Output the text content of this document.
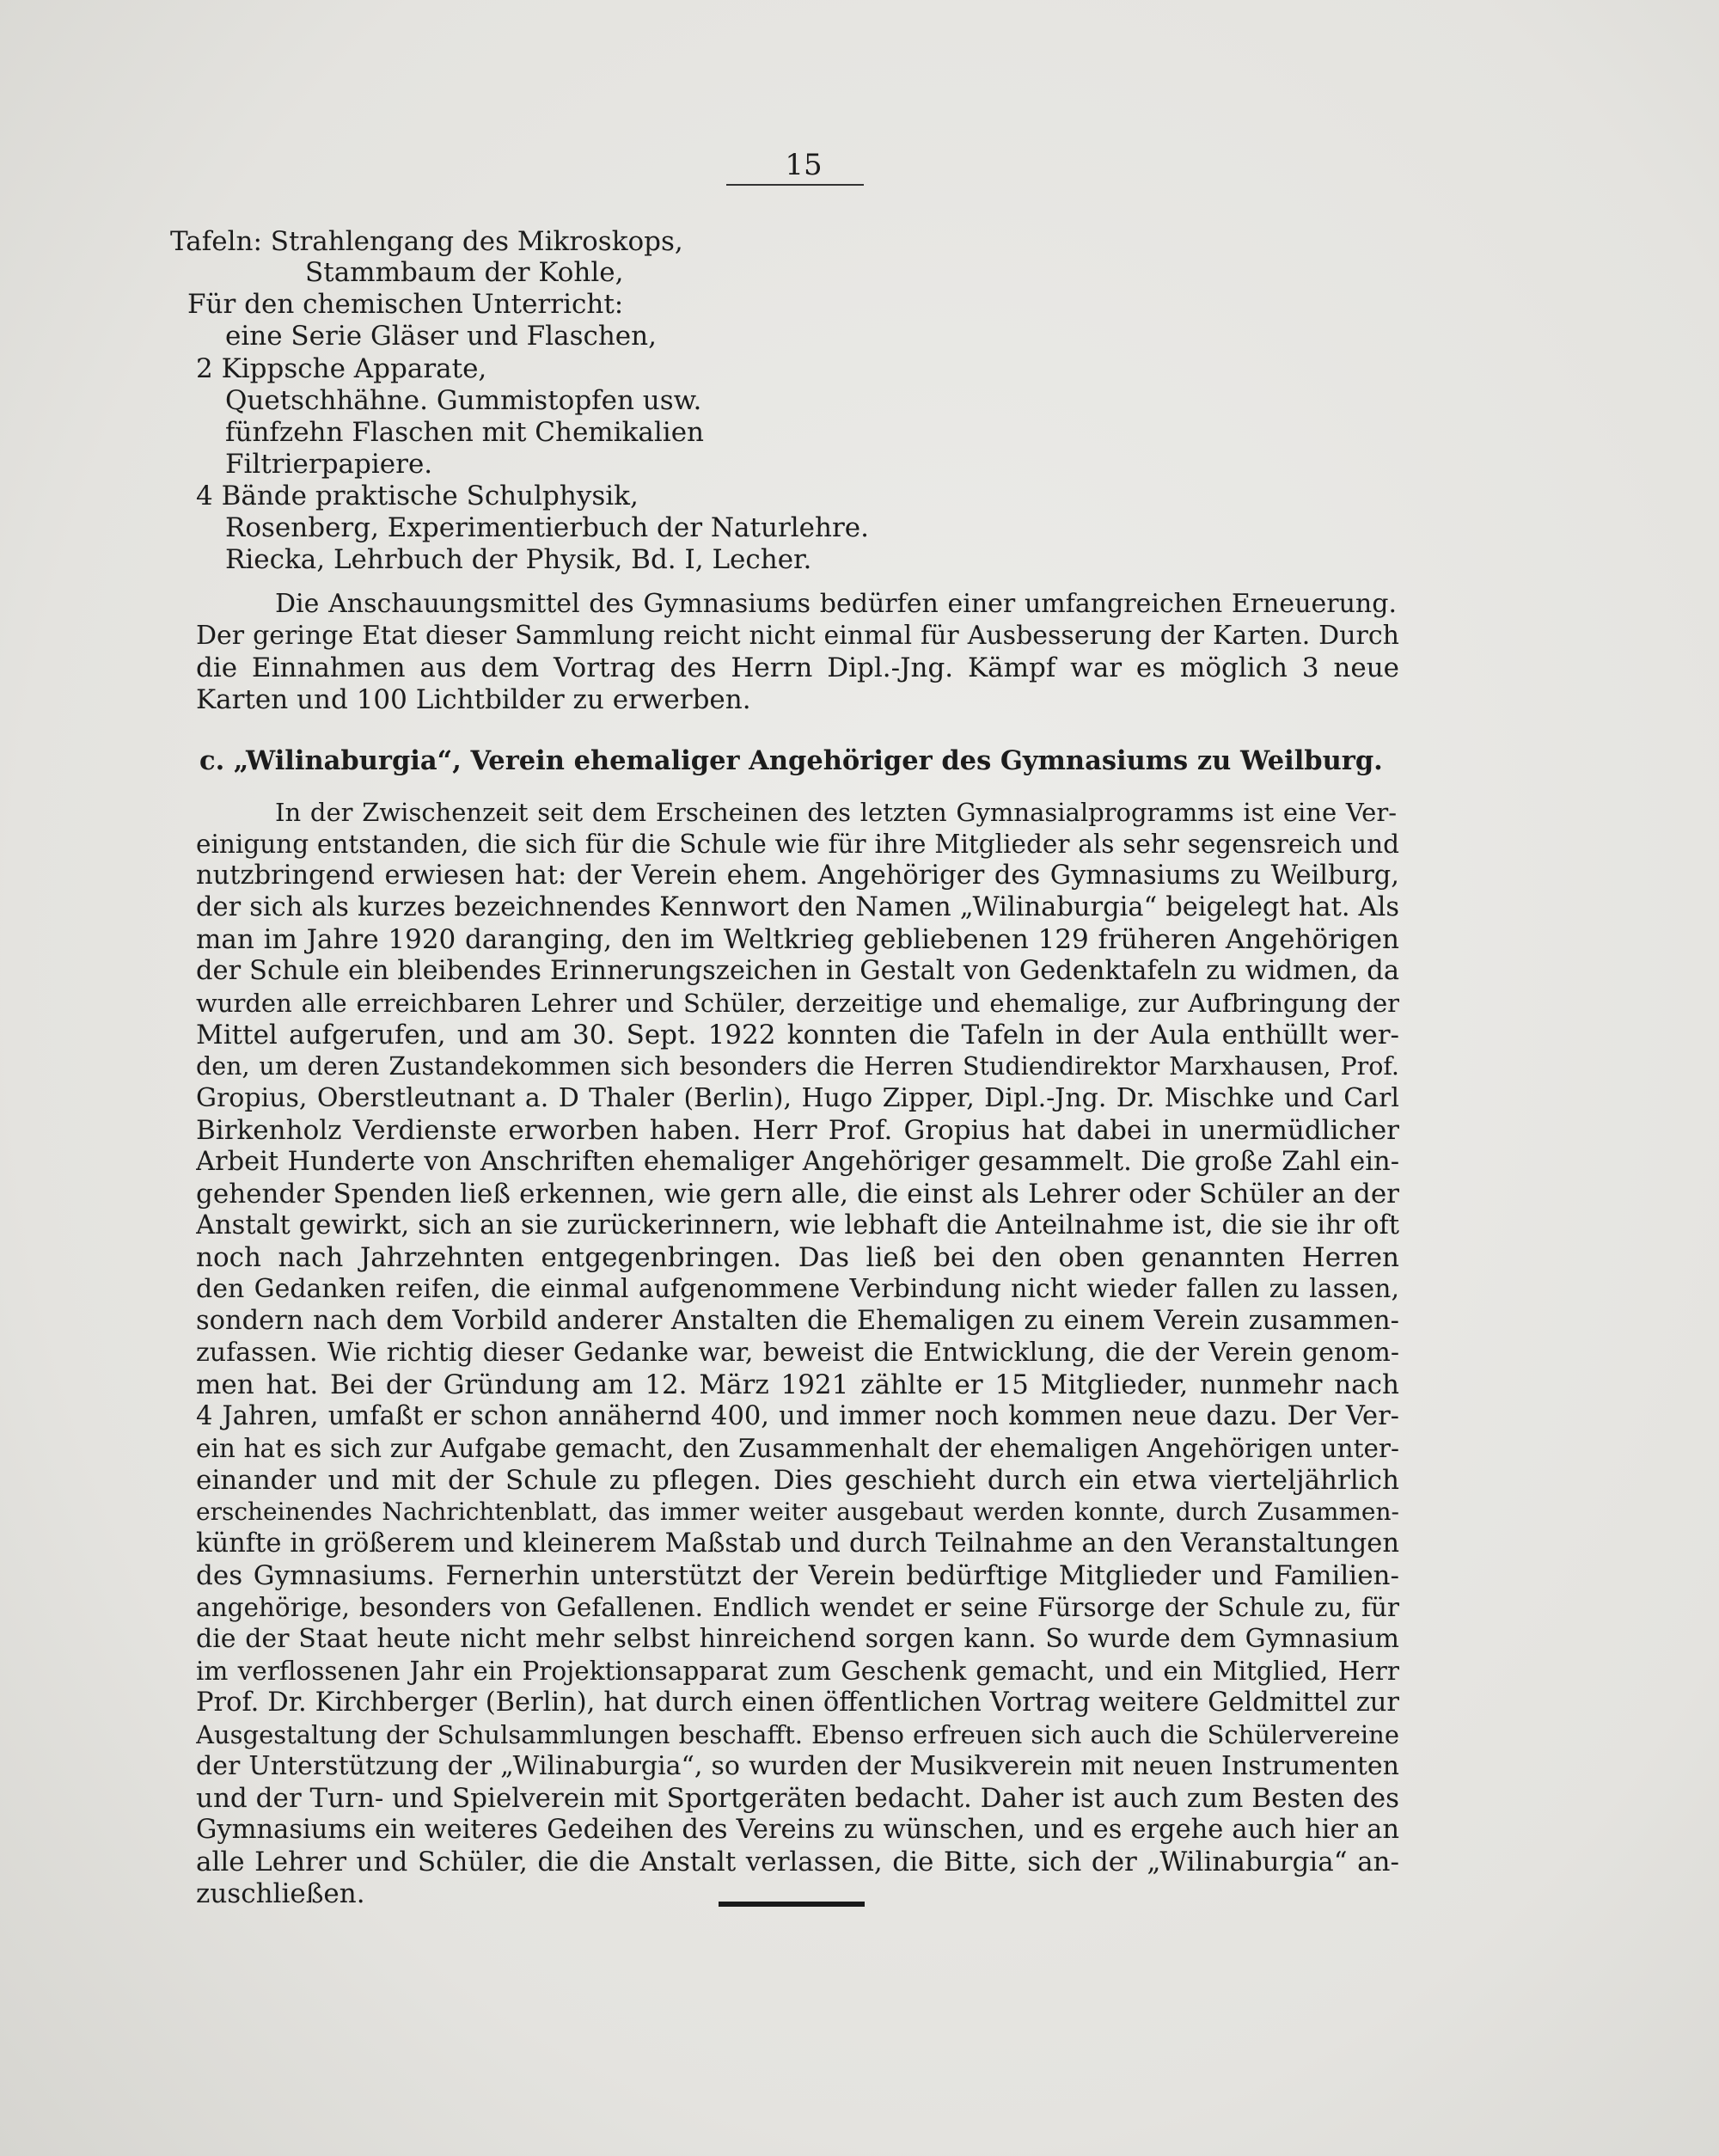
15
Tafeln: Strahlengang des Mikroskops,
Stammbaum der Kohle,
Für den chemischen Unterricht:
eine Serie Gläser und Flaschen,
2 Kippsche Apparate,
Quetschhähne. Gummistopfen usw.
fünfzehn Flaschen mit Chemikalien
Filtrierpapiere.
4 Bände praktische Schulphysik,
Rosenberg, Experimentierbuch der Naturlehre.
Riecka, Lehrbuch der Physik, Bd. I, Lecher.
Die Anschauungsmittel des Gymnasiums bedürfen einer umfangreichen Erneuerung.
Der geringe Etat dieser Sammlung reicht nicht einmal für Ausbesserung der Karten. Durch
die Einnahmen aus dem Vortrag des Herrn Dipl.-Jng. Kämpf war es möglich 3 neue
Karten und 100 Lichtbilder zu erwerben.
c. „Wilinaburgia“, Verein ehemaliger Angehöriger des Gymnasiums zu Weilburg.
In der Zwischenzeit seit dem Erscheinen des letzten Gymnasialprogramms ist eine Ver-
einigung entstanden, die sich für die Schule wie für ihre Mitglieder als sehr segensreich und
nutzbringend erwiesen hat: der Verein ehem. Angehöriger des Gymnasiums zu Weilburg,
der sich als kurzes bezeichnendes Kennwort den Namen „Wilinaburgia“ beigelegt hat. Als
man im Jahre 1920 daranging, den im Weltkrieg gebliebenen 129 früheren Angehörigen
der Schule ein bleibendes Erinnerungszeichen in Gestalt von Gedenktafeln zu widmen, da
wurden alle erreichbaren Lehrer und Schüler, derzeitige und ehemalige, zur Aufbringung der
Mittel aufgerufen, und am 30. Sept. 1922 konnten die Tafeln in der Aula enthüllt wer-
den, um deren Zustandekommen sich besonders die Herren Studiendirektor Marxhausen, Prof.
Gropius, Oberstleutnant a. D Thaler (Berlin), Hugo Zipper, Dipl.-Jng. Dr. Mischke und Carl
Birkenholz Verdienste erworben haben. Herr Prof. Gropius hat dabei in unermüdlicher
Arbeit Hunderte von Anschriften ehemaliger Angehöriger gesammelt. Die große Zahl ein-
gehender Spenden ließ erkennen, wie gern alle, die einst als Lehrer oder Schüler an der
Anstalt gewirkt, sich an sie zurückerinnern, wie lebhaft die Anteilnahme ist, die sie ihr oft
noch nach Jahrzehnten entgegenbringen. Das ließ bei den oben genannten Herren
den Gedanken reifen, die einmal aufgenommene Verbindung nicht wieder fallen zu lassen,
sondern nach dem Vorbild anderer Anstalten die Ehemaligen zu einem Verein zusammen-
zufassen. Wie richtig dieser Gedanke war, beweist die Entwicklung, die der Verein genom-
men hat. Bei der Gründung am 12. März 1921 zählte er 15 Mitglieder, nunmehr nach
4 Jahren, umfaßt er schon annähernd 400, und immer noch kommen neue dazu. Der Ver-
ein hat es sich zur Aufgabe gemacht, den Zusammenhalt der ehemaligen Angehörigen unter-
einander und mit der Schule zu pflegen. Dies geschieht durch ein etwa vierteljährlich
erscheinendes Nachrichtenblatt, das immer weiter ausgebaut werden konnte, durch Zusammen-
künfte in größerem und kleinerem Maßstab und durch Teilnahme an den Veranstaltungen
des Gymnasiums. Fernerhin unterstützt der Verein bedürftige Mitglieder und Familien-
angehörige, besonders von Gefallenen. Endlich wendet er seine Fürsorge der Schule zu, für
die der Staat heute nicht mehr selbst hinreichend sorgen kann. So wurde dem Gymnasium
im verflossenen Jahr ein Projektionsapparat zum Geschenk gemacht, und ein Mitglied, Herr
Prof. Dr. Kirchberger (Berlin), hat durch einen öffentlichen Vortrag weitere Geldmittel zur
Ausgestaltung der Schulsammlungen beschafft. Ebenso erfreuen sich auch die Schülervereine
der Unterstützung der „Wilinaburgia“, so wurden der Musikverein mit neuen Instrumenten
und der Turn- und Spielverein mit Sportgeräten bedacht. Daher ist auch zum Besten des
Gymnasiums ein weiteres Gedeihen des Vereins zu wünschen, und es ergehe auch hier an
alle Lehrer und Schüler, die die Anstalt verlassen, die Bitte, sich der „Wilinaburgia“ an-
zuschließen.
